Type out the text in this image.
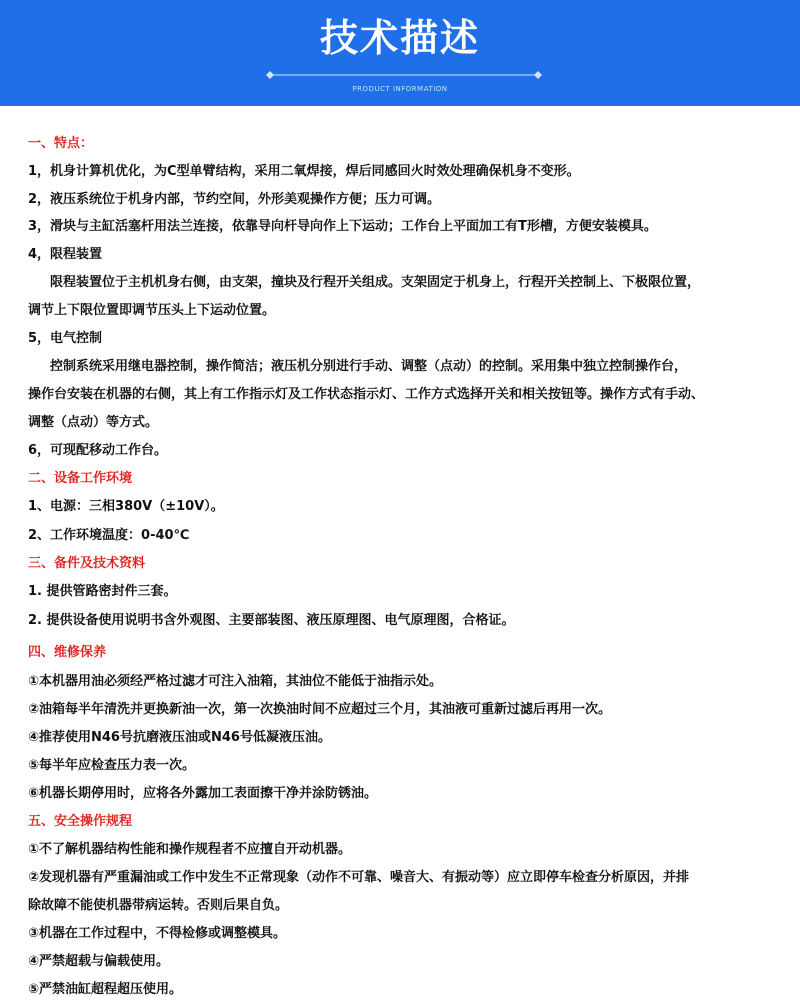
技术描述
PRODUCT INFORMATION
一、特点：
1，机身计算机优化，为C型单臂结构，采用二氧焊接，焊后同感回火时效处理确保机身不变形。
2，液压系统位于机身内部，节约空间，外形美观操作方便；压力可调。
3，滑块与主缸活塞杆用法兰连接，依靠导向杆导向作上下运动；工作台上平面加工有T形槽，方便安装模具。
4，限程装置
限程装置位于主机机身右侧，由支架，撞块及行程开关组成。支架固定于机身上，行程开关控制上、下极限位置，
调节上下限位置即调节压头上下运动位置。
5，电气控制
控制系统采用继电器控制，操作简洁；液压机分别进行手动、调整（点动）的控制。采用集中独立控制操作台，
操作台安装在机器的右侧，其上有工作指示灯及工作状态指示灯、工作方式选择开关和相关按钮等。操作方式有手动、
调整（点动）等方式。
6，可现配移动工作台。
二、设备工作环境
1、电源：三相380V（±10V）。
2、工作环境温度：0-40℃
三、备件及技术资料
1. 提供管路密封件三套。
2. 提供设备使用说明书含外观图、主要部装图、液压原理图、电气原理图，合格证。
四、维修保养
①本机器用油必须经严格过滤才可注入油箱，其油位不能低于油指示处。
②油箱每半年清洗并更换新油一次，第一次换油时间不应超过三个月，其油液可重新过滤后再用一次。
④推荐使用N46号抗磨液压油或N46号低凝液压油。
⑤每半年应检查压力表一次。
⑥机器长期停用时，应将各外露加工表面擦干净并涂防锈油。
五、安全操作规程
①不了解机器结构性能和操作规程者不应擅自开动机器。
②发现机器有严重漏油或工作中发生不正常现象（动作不可靠、噪音大、有振动等）应立即停车检查分析原因，并排
除故障不能使机器带病运转。否则后果自负。
③机器在工作过程中，不得检修或调整模具。
④严禁超载与偏载使用。
⑤严禁油缸超程超压使用。
